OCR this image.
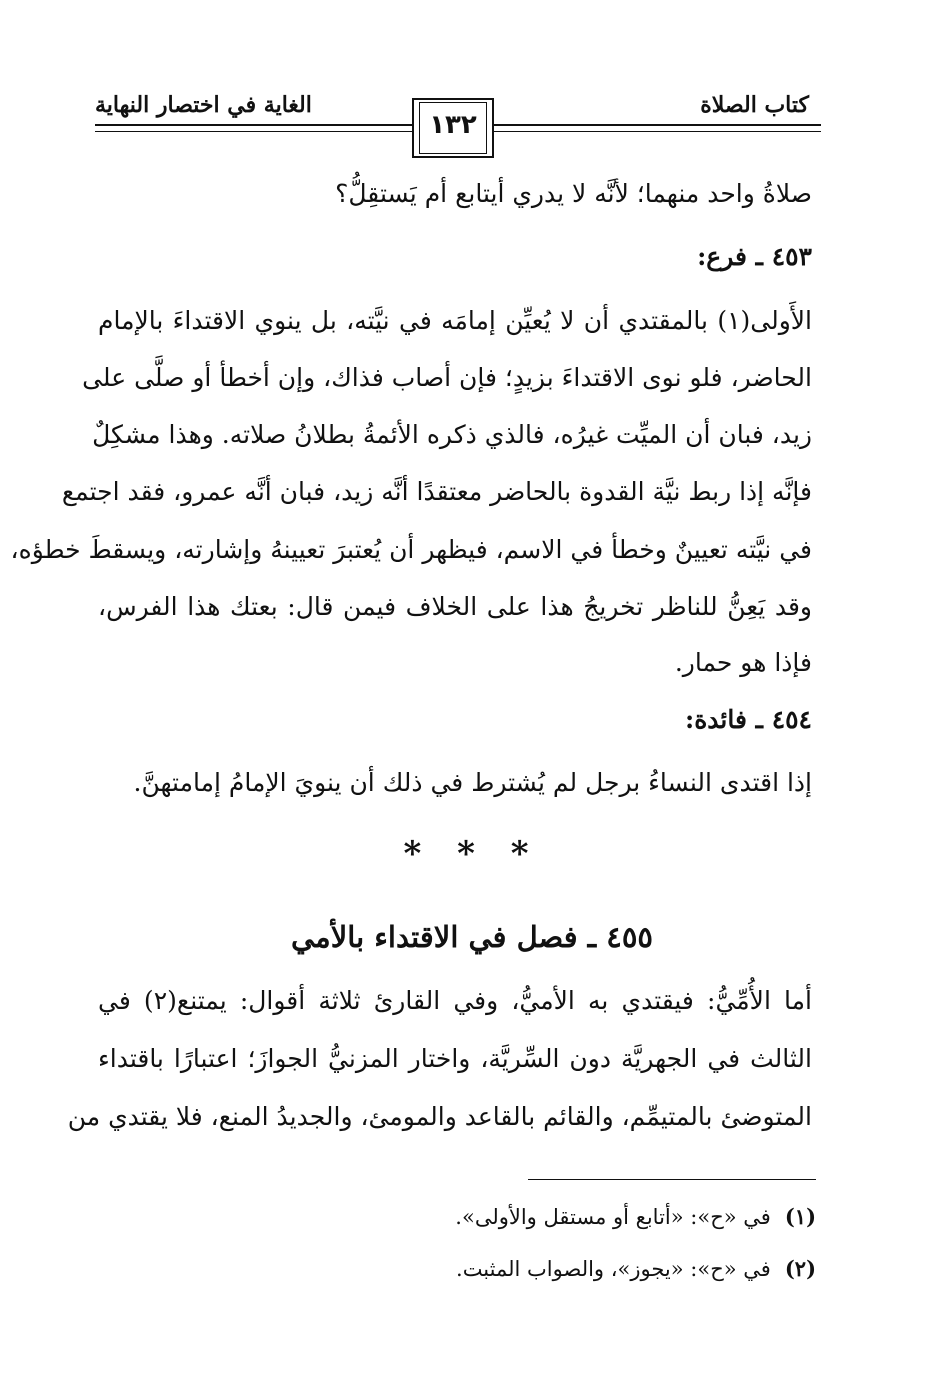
كتاب الصلاة
الغاية في اختصار النهاية
١٣٢
صلاةُ واحد منهما؛ لأنَّه لا يدري أيتابع أم يَستقِلُّ؟
٤٥٣ ـ فرع:
الأَولى(١) بالمقتدي أن لا يُعيِّن إمامَه في نيَّته، بل ينوي الاقتداءَ بالإمام
الحاضر، فلو نوى الاقتداءَ بزيدٍ؛ فإن أصاب فذاك، وإن أخطأ أو صلَّى على
زيد، فبان أن الميِّت غيرُه، فالذي ذكره الأئمةُ بطلانُ صلاته. وهذا مشكِلٌ
فإنَّه إذا ربط نيَّة القدوة بالحاضر معتقدًا أنَّه زيد، فبان أنَّه عمرو، فقد اجتمع
في نيَّته تعيينٌ وخطأ في الاسم، فيظهر أن يُعتبرَ تعيينهُ وإشارته، ويسقطَ خطؤه،
وقد يَعِنُّ للناظر تخريجُ هذا على الخلاف فيمن قال: بعتك هذا الفرس،
فإذا هو حمار.
٤٥٤ ـ فائدة:
إذا اقتدى النساءُ برجل لم يُشترط في ذلك أن ينويَ الإمامُ إمامتهنَّ.
* * *
٤٥٥ ـ فصل في الاقتداء بالأمي
أما الأُمِّيُّ: فيقتدي به الأميُّ، وفي القارئ ثلاثة أقوال: يمتنع(٢) في
الثالث في الجهريَّة دون السِّريَّة، واختار المزنيُّ الجوازَ؛ اعتبارًا باقتداء
المتوضئ بالمتيمِّم، والقائم بالقاعد والمومئ، والجديدُ المنع، فلا يقتدي من
(١)في «ح»: «أتابع أو مستقل والأولى».
(٢)في «ح»: «يجوز»، والصواب المثبت.
